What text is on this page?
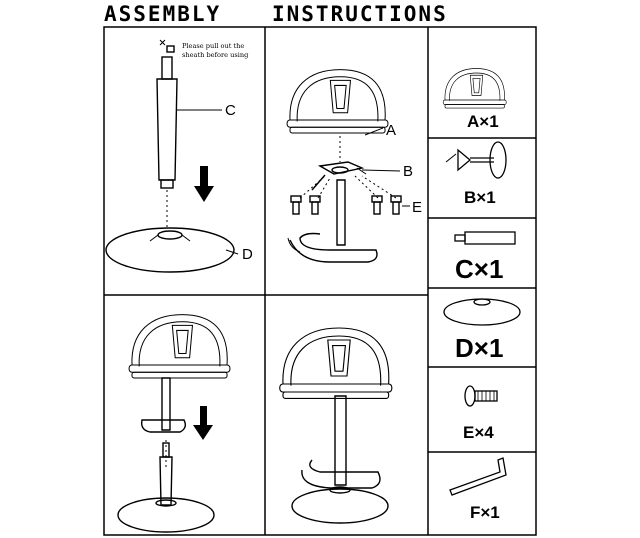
ASSEMBLY INSTRUCTIONS
Please pull out the
sheath before using
C
D
A
B
E
A×1
B×1
C×1
D×1
E×4
F×1
